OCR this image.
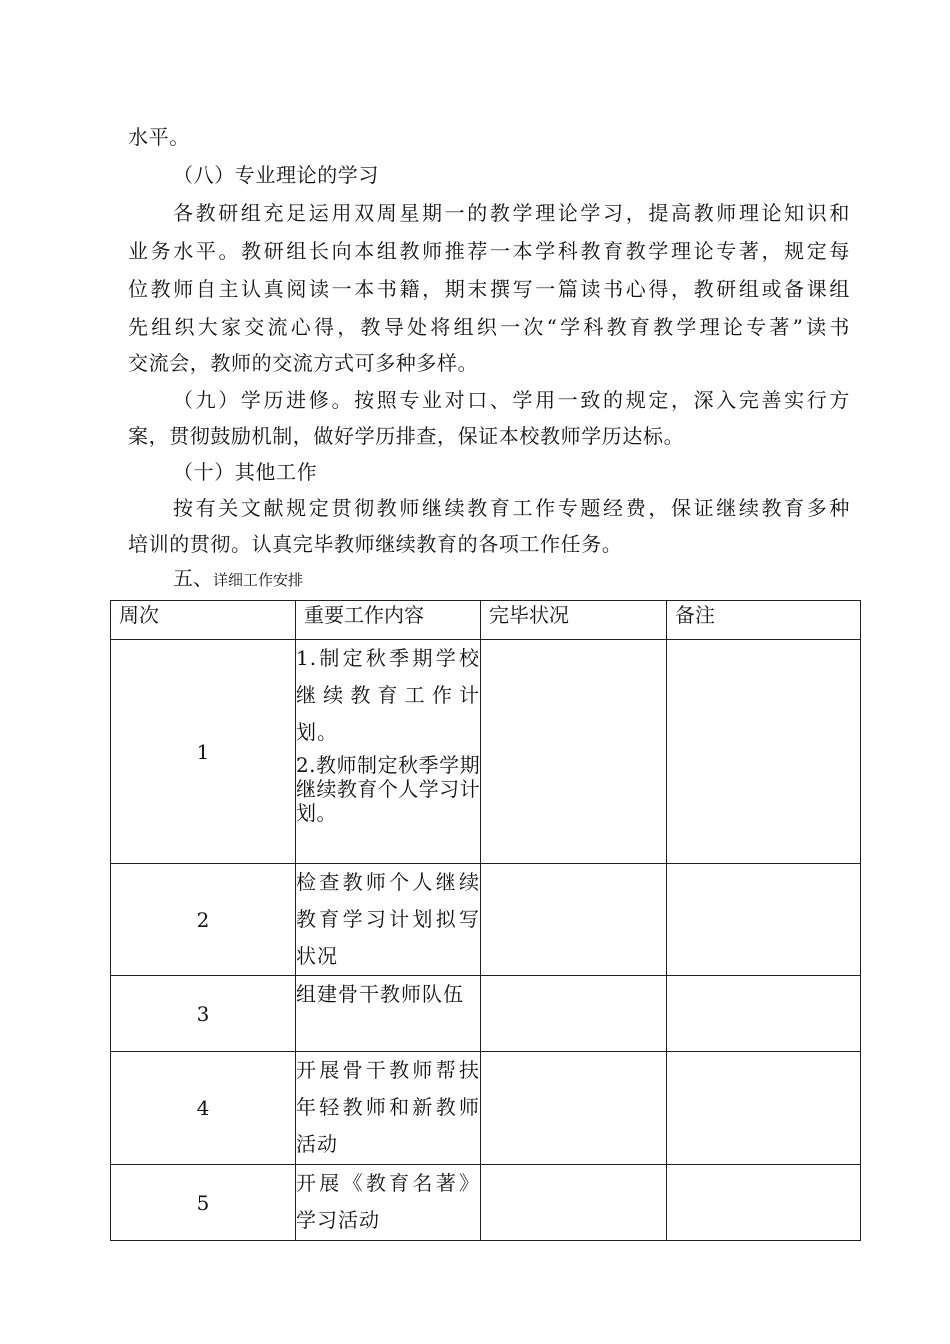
水平。
（八）专业理论的学习
各教研组充足运用双周星期一的教学理论学习，提高教师理论知识和
业务水平。教研组长向本组教师推荐一本学科教育教学理论专著，规定每
位教师自主认真阅读一本书籍，期末撰写一篇读书心得，教研组或备课组
先组织大家交流心得，教导处将组织一次“学科教育教学理论专著”读书
交流会，教师的交流方式可多种多样。
（九）学历进修。按照专业对口、学用一致的规定，深入完善实行方
案，贯彻鼓励机制，做好学历排查，保证本校教师学历达标。
（十）其他工作
按有关文献规定贯彻教师继续教育工作专题经费，保证继续教育多种
培训的贯彻。认真完毕教师继续教育的各项工作任务。
五、详细工作安排
周次	重要工作内容	完毕状况	备注
1	1.制定秋季期学校继续教育工作计划。
2.教师制定秋季学期继续教育个人学习计划。		

2	检查教师个人继续教育学习计划拟写状况		

3	组建骨干教师队伍		

4	开展骨干教师帮扶年轻教师和新教师活动		

5	开展《教育名著》学习活动		
